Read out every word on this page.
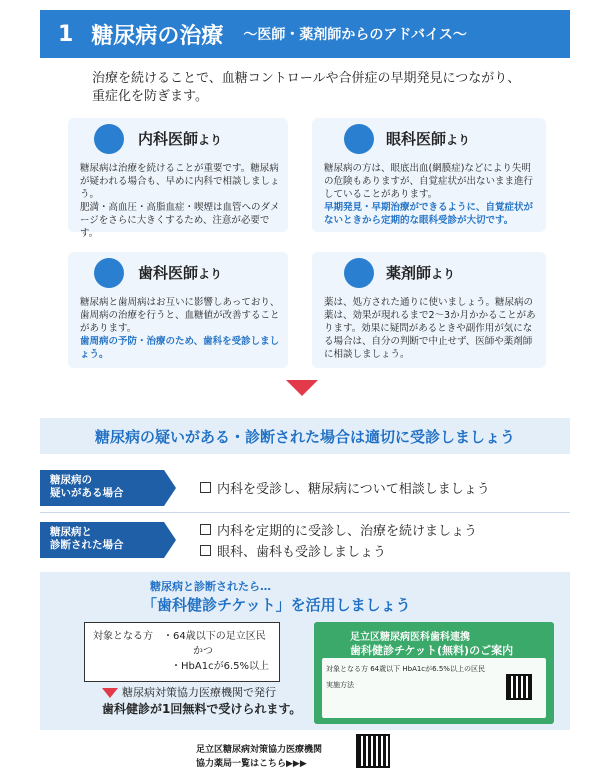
1 糖尿病の治療 〜医師・薬剤師からのアドバイス〜
治療を続けることで、血糖コントロールや合併症の早期発見につながり、
重症化を防ぎます。
内科医師より
糖尿病は治療を続けることが重要です。糖尿病が疑われる場合も、早めに内科で相談しましょう。
肥満・高血圧・高脂血症・喫煙は血管へのダメージをさらに大きくするため、注意が必要です。
眼科医師より
糖尿病の方は、眼底出血(網膜症)などにより失明の危険もありますが、自覚症状が出ないまま進行していることがあります。
早期発見・早期治療ができるように、自覚症状がないときから定期的な眼科受診が大切です。
歯科医師より
糖尿病と歯周病はお互いに影響しあっており、歯周病の治療を行うと、血糖値が改善することがあります。
歯周病の予防・治療のため、歯科を受診しましょう。
薬剤師より
薬は、処方された通りに使いましょう。糖尿病の薬は、効果が現れるまで2〜3か月かかることがあります。効果に疑問があるときや副作用が気になる場合は、自分の判断で中止せず、医師や薬剤師に相談しましょう。
糖尿病の疑いがある・診断された場合は適切に受診しましょう
糖尿病の
疑いがある場合	内科を受診し、糖尿病について相談しましょう
糖尿病と
診断された場合
内科を定期的に受診し、治療を続けましょう
眼科、歯科も受診しましょう
糖尿病と診断されたら…
「歯科健診チケット」を活用しましょう
対象となる方　 ・64歳以下の足立区民
かつ
・HbA1cが6.5%以上
糖尿病対策協力医療機関で発行
歯科健診が1回無料で受けられます。
足立区糖尿病医科歯科連携
歯科健診チケット(無料)のご案内
対象となる方 64歳以下 HbA1cが6.5%以上の区民
実施方法
足立区糖尿病対策協力医療機関
協力薬局一覧はこちら▶▶▶
